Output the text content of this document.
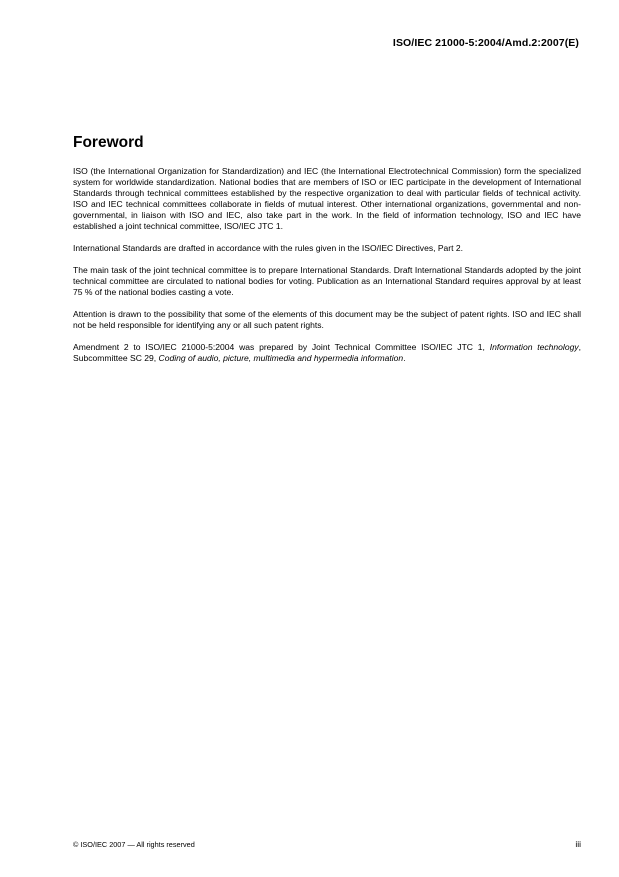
ISO/IEC 21000-5:2004/Amd.2:2007(E)
Foreword

ISO (the International Organization for Standardization) and IEC (the International Electrotechnical Commission) form the specialized system for worldwide standardization. National bodies that are members of ISO or IEC participate in the development of International Standards through technical committees established by the respective organization to deal with particular fields of technical activity. ISO and IEC technical committees collaborate in fields of mutual interest. Other international organizations, governmental and non-governmental, in liaison with ISO and IEC, also take part in the work. In the field of information technology, ISO and IEC have established a joint technical committee, ISO/IEC JTC 1.

International Standards are drafted in accordance with the rules given in the ISO/IEC Directives, Part 2.

The main task of the joint technical committee is to prepare International Standards. Draft International Standards adopted by the joint technical committee are circulated to national bodies for voting. Publication as an International Standard requires approval by at least 75 % of the national bodies casting a vote.

Attention is drawn to the possibility that some of the elements of this document may be the subject of patent rights. ISO and IEC shall not be held responsible for identifying any or all such patent rights.

Amendment 2 to ISO/IEC 21000-5:2004 was prepared by Joint Technical Committee ISO/IEC JTC 1, Information technology, Subcommittee SC 29, Coding of audio, picture, multimedia and hypermedia information.

© ISO/IEC 2007 — All rights reserved	iii
